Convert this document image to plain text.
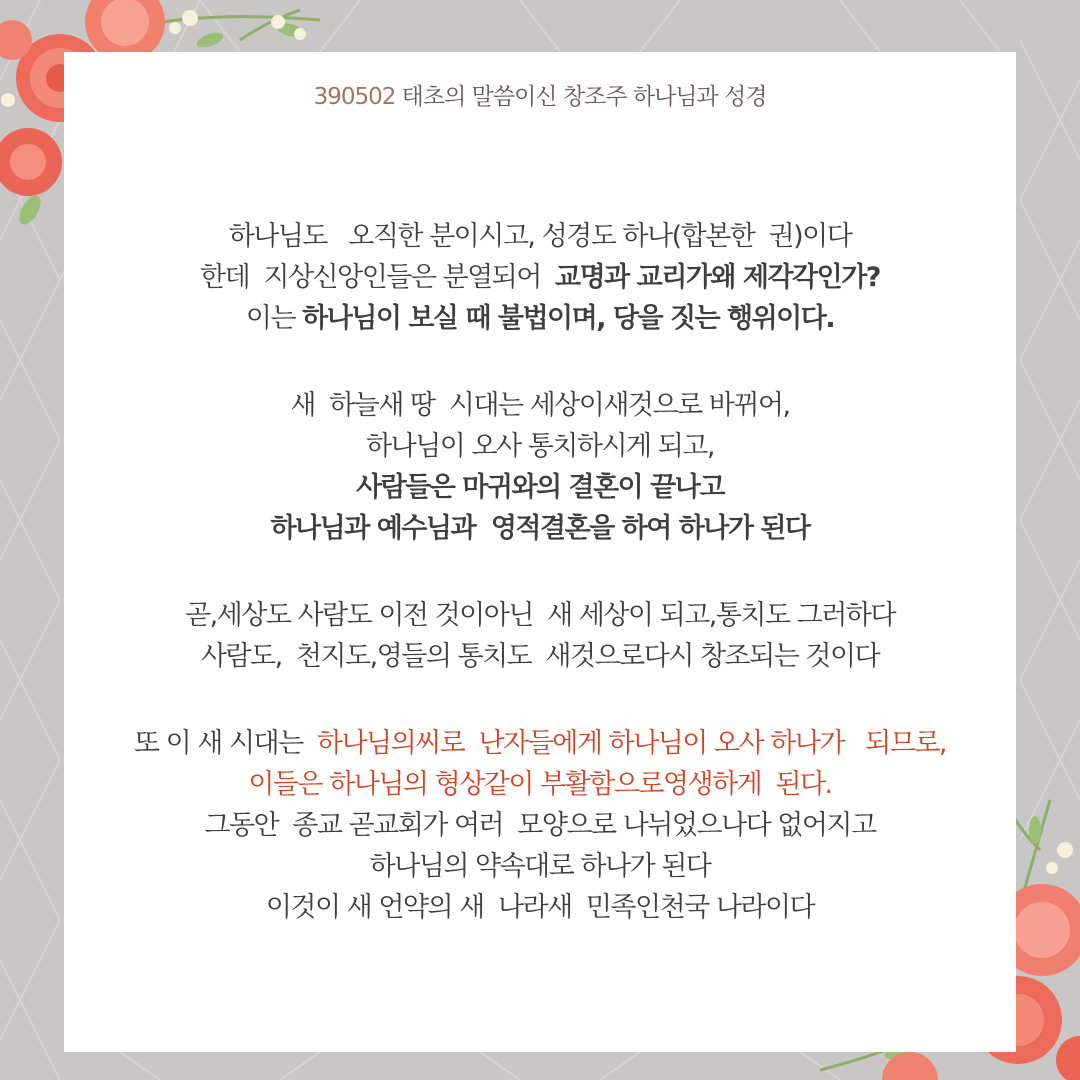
390502 태초의 말씀이신 창조주 하나님과 성경
하나님도   오직한 분이시고, 성경도 하나(합본한  권)이다
한데  지상신앙인들은 분열되어  교명과 교리가왜 제각각인가?
이는 하나님이 보실 때 불법이며, 당을 짓는 행위이다.
새  하늘새 땅  시대는 세상이새것으로 바뀌어,
하나님이 오사 통치하시게 되고,
사람들은 마귀와의 결혼이 끝나고
하나님과 예수님과  영적결혼을 하여 하나가 된다
곧,세상도 사람도 이전 것이아닌  새 세상이 되고,통치도 그러하다
사람도,  천지도,영들의 통치도  새것으로다시 창조되는 것이다
또 이 새 시대는  하나님의씨로  난자들에게 하나님이 오사 하나가   되므로,
이들은 하나님의 형상같이 부활함으로영생하게  된다.
그동안  종교 곧교회가 여러  모양으로 나뉘었으나다 없어지고
하나님의 약속대로 하나가 된다
이것이 새 언약의 새  나라새  민족인천국 나라이다
